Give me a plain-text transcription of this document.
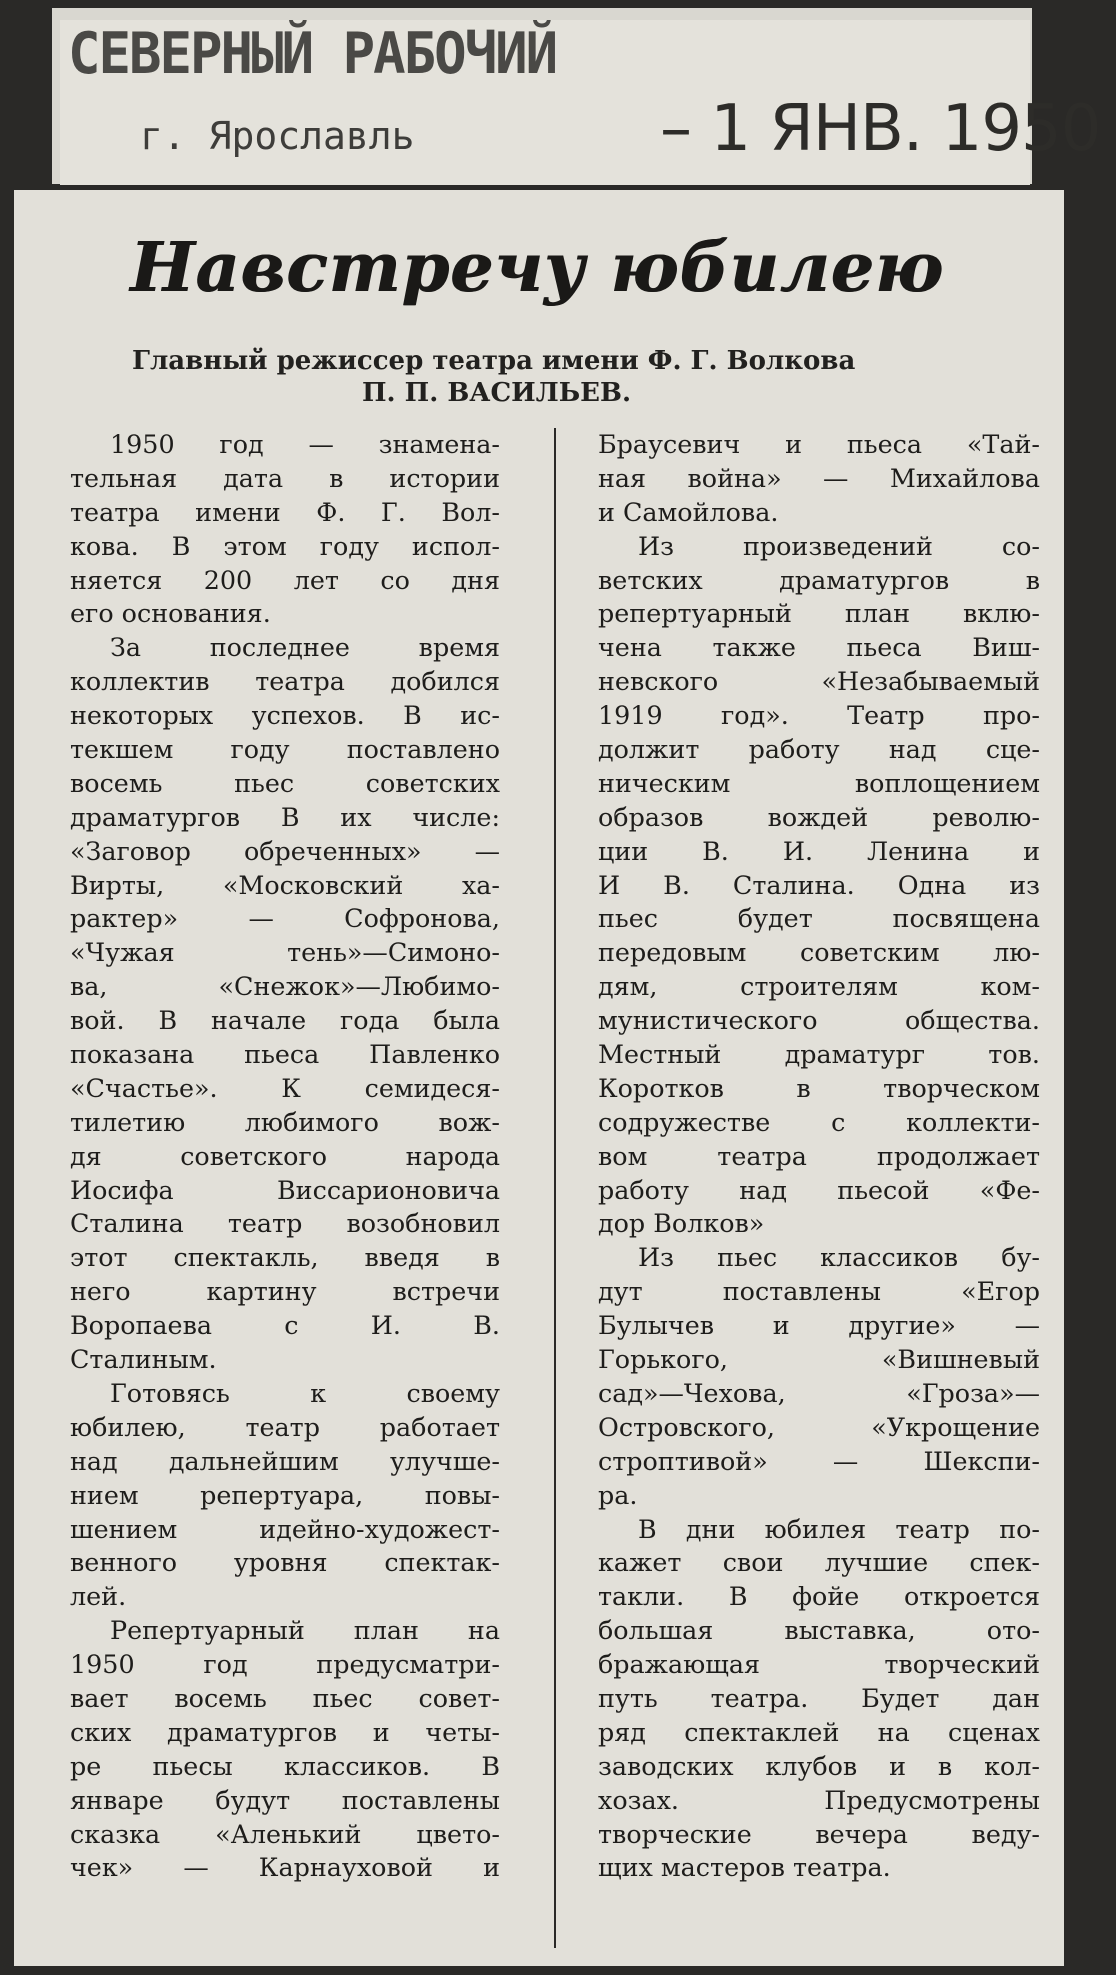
СЕВЕРНЫЙ РАБОЧИЙ
г. Ярославль	– 1 ЯНВ. 1950
Навстречу юбилею
Главный режиссер театра имени Ф. Г. Волкова
П. П. ВАСИЛЬЕВ.
1950 год — знамена-
тельная дата в истории
театра имени Ф. Г. Вол-
кова. В этом году испол-
няется 200 лет со дня
его основания.
За последнее время
коллектив театра добился
некоторых успехов. В ис-
текшем году поставлено
восемь пьес советских
драматургов В их числе:
«Заговор обреченных» —
Вирты, «Московский ха-
рактер» — Софронова,
«Чужая тень»—Симоно-
ва, «Снежок»—Любимо-
вой. В начале года была
показана пьеса Павленко
«Счастье». К семидеся-
тилетию любимого вож-
дя советского народа
Иосифа Виссарионовича
Сталина театр возобновил
этот спектакль, введя в
него картину встречи
Воропаева с И. В.
Сталиным.
Готовясь к своему
юбилею, театр работает
над дальнейшим улучше-
нием репертуара, повы-
шением идейно-художест-
венного уровня спектак-
лей.
Репертуарный план на
1950 год предусматри-
вает восемь пьес совет-
ских драматургов и четы-
ре пьесы классиков. В
январе будут поставлены
сказка «Аленький цвето-
чек» — Карнауховой и
Браусевич и пьеса «Тай-
ная война» — Михайлова
и Самойлова.
Из произведений со-
ветских драматургов в
репертуарный план вклю-
чена также пьеса Виш-
невского «Незабываемый
1919 год». Театр про-
должит работу над сце-
ническим воплощением
образов вождей револю-
ции В. И. Ленина и
И В. Сталина. Одна из
пьес будет посвящена
передовым советским лю-
дям, строителям ком-
мунистического общества.
Местный драматург тов.
Коротков в творческом
содружестве с коллекти-
вом театра продолжает
работу над пьесой «Фе-
дор Волков»
Из пьес классиков бу-
дут поставлены «Егор
Булычев и другие» —
Горького, «Вишневый
сад»—Чехова, «Гроза»—
Островского, «Укрощение
строптивой» — Шекспи-
ра.
В дни юбилея театр по-
кажет свои лучшие спек-
такли. В фойе откроется
большая выставка, ото-
бражающая творческий
путь театра. Будет дан
ряд спектаклей на сценах
заводских клубов и в кол-
хозах. Предусмотрены
творческие вечера веду-
щих мастеров театра.
